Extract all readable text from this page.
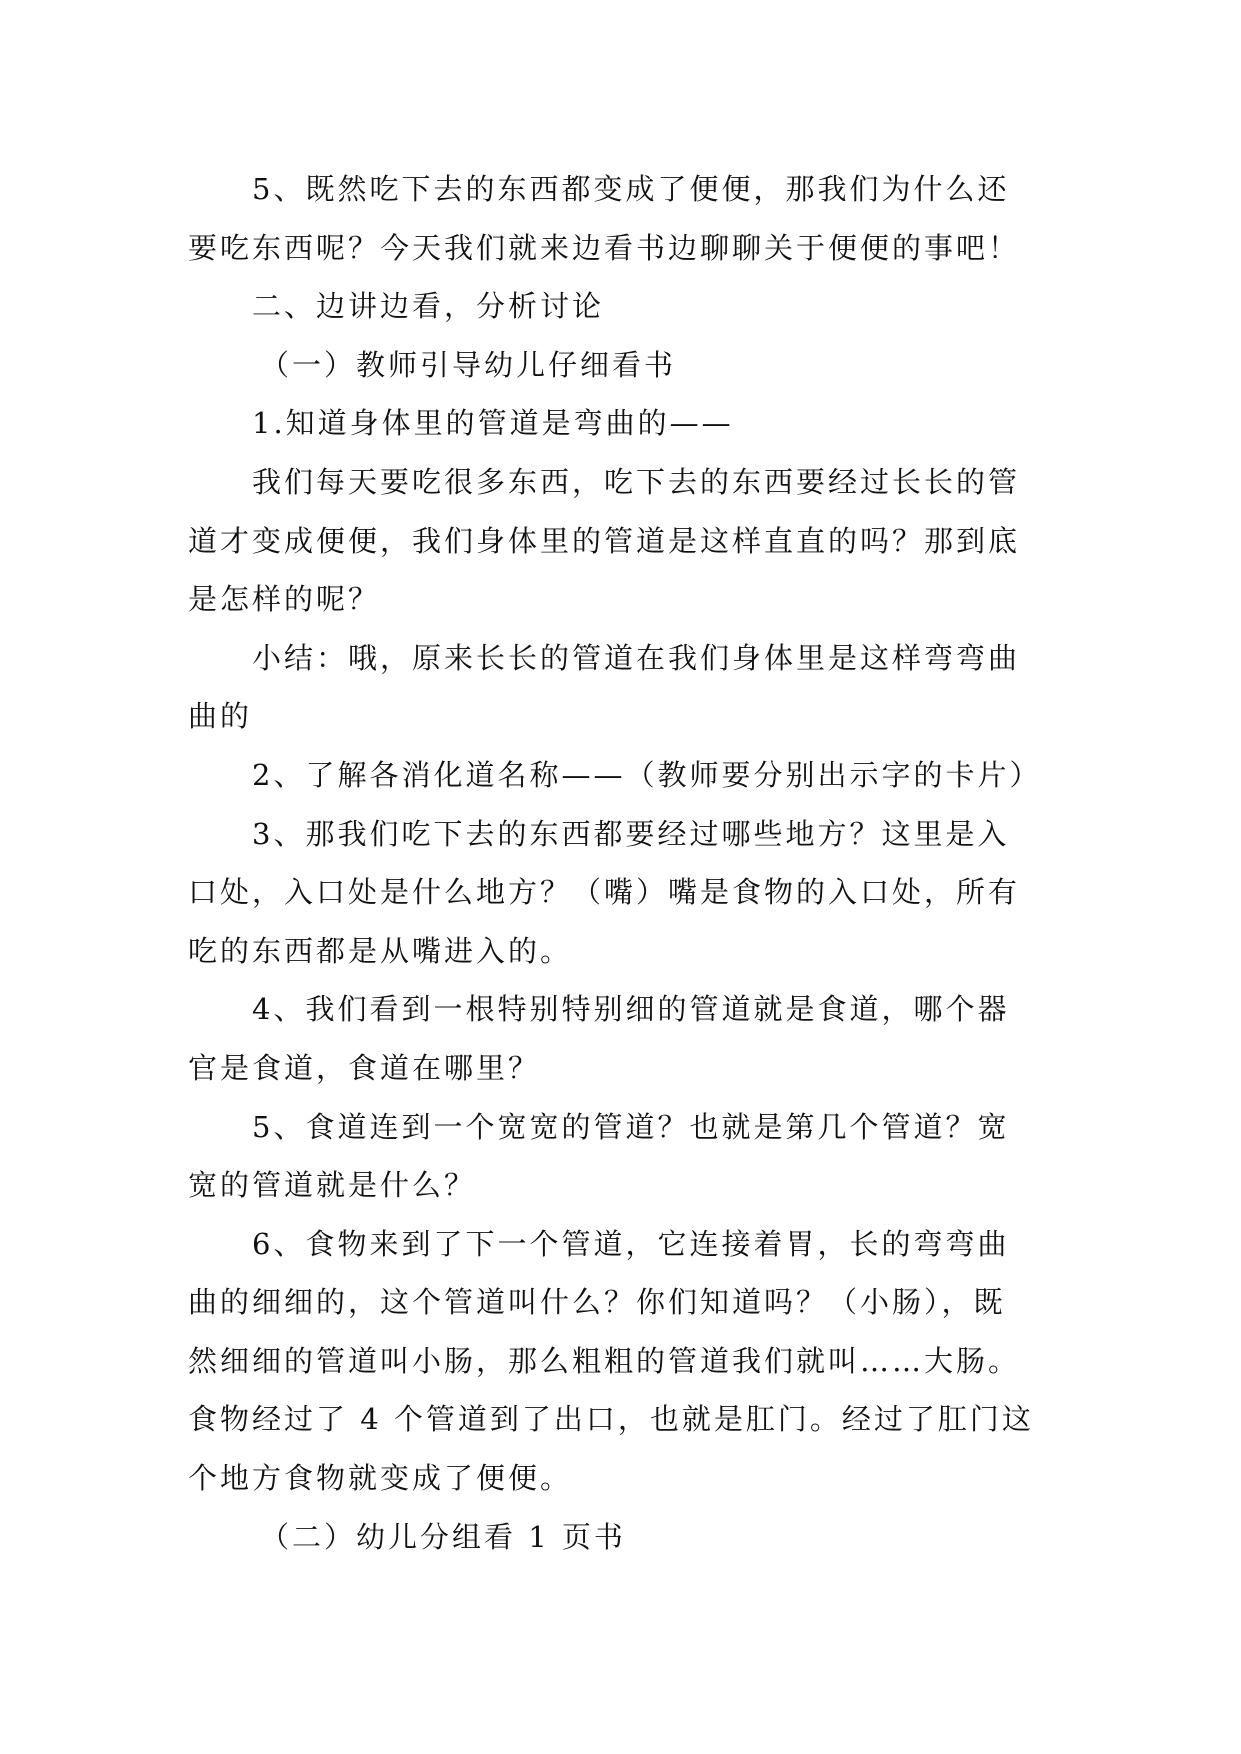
5、既然吃下去的东西都变成了便便，那我们为什么还

要吃东西呢？今天我们就来边看书边聊聊关于便便的事吧！

二、边讲边看，分析讨论

（一）教师引导幼儿仔细看书

1.知道身体里的管道是弯曲的——

我们每天要吃很多东西，吃下去的东西要经过长长的管

道才变成便便，我们身体里的管道是这样直直的吗？那到底

是怎样的呢？

小结：哦，原来长长的管道在我们身体里是这样弯弯曲

曲的

2、了解各消化道名称——（教师要分别出示字的卡片）

3、那我们吃下去的东西都要经过哪些地方？这里是入

口处，入口处是什么地方？（嘴）嘴是食物的入口处，所有

吃的东西都是从嘴进入的。

4、我们看到一根特别特别细的管道就是食道，哪个器

官是食道，食道在哪里？

5、食道连到一个宽宽的管道？也就是第几个管道？宽

宽的管道就是什么？

6、食物来到了下一个管道，它连接着胃，长的弯弯曲

曲的细细的，这个管道叫什么？你们知道吗？（小肠），既

然细细的管道叫小肠，那么粗粗的管道我们就叫……大肠。

食物经过了 4 个管道到了出口，也就是肛门。经过了肛门这

个地方食物就变成了便便。

（二）幼儿分组看 1 页书
